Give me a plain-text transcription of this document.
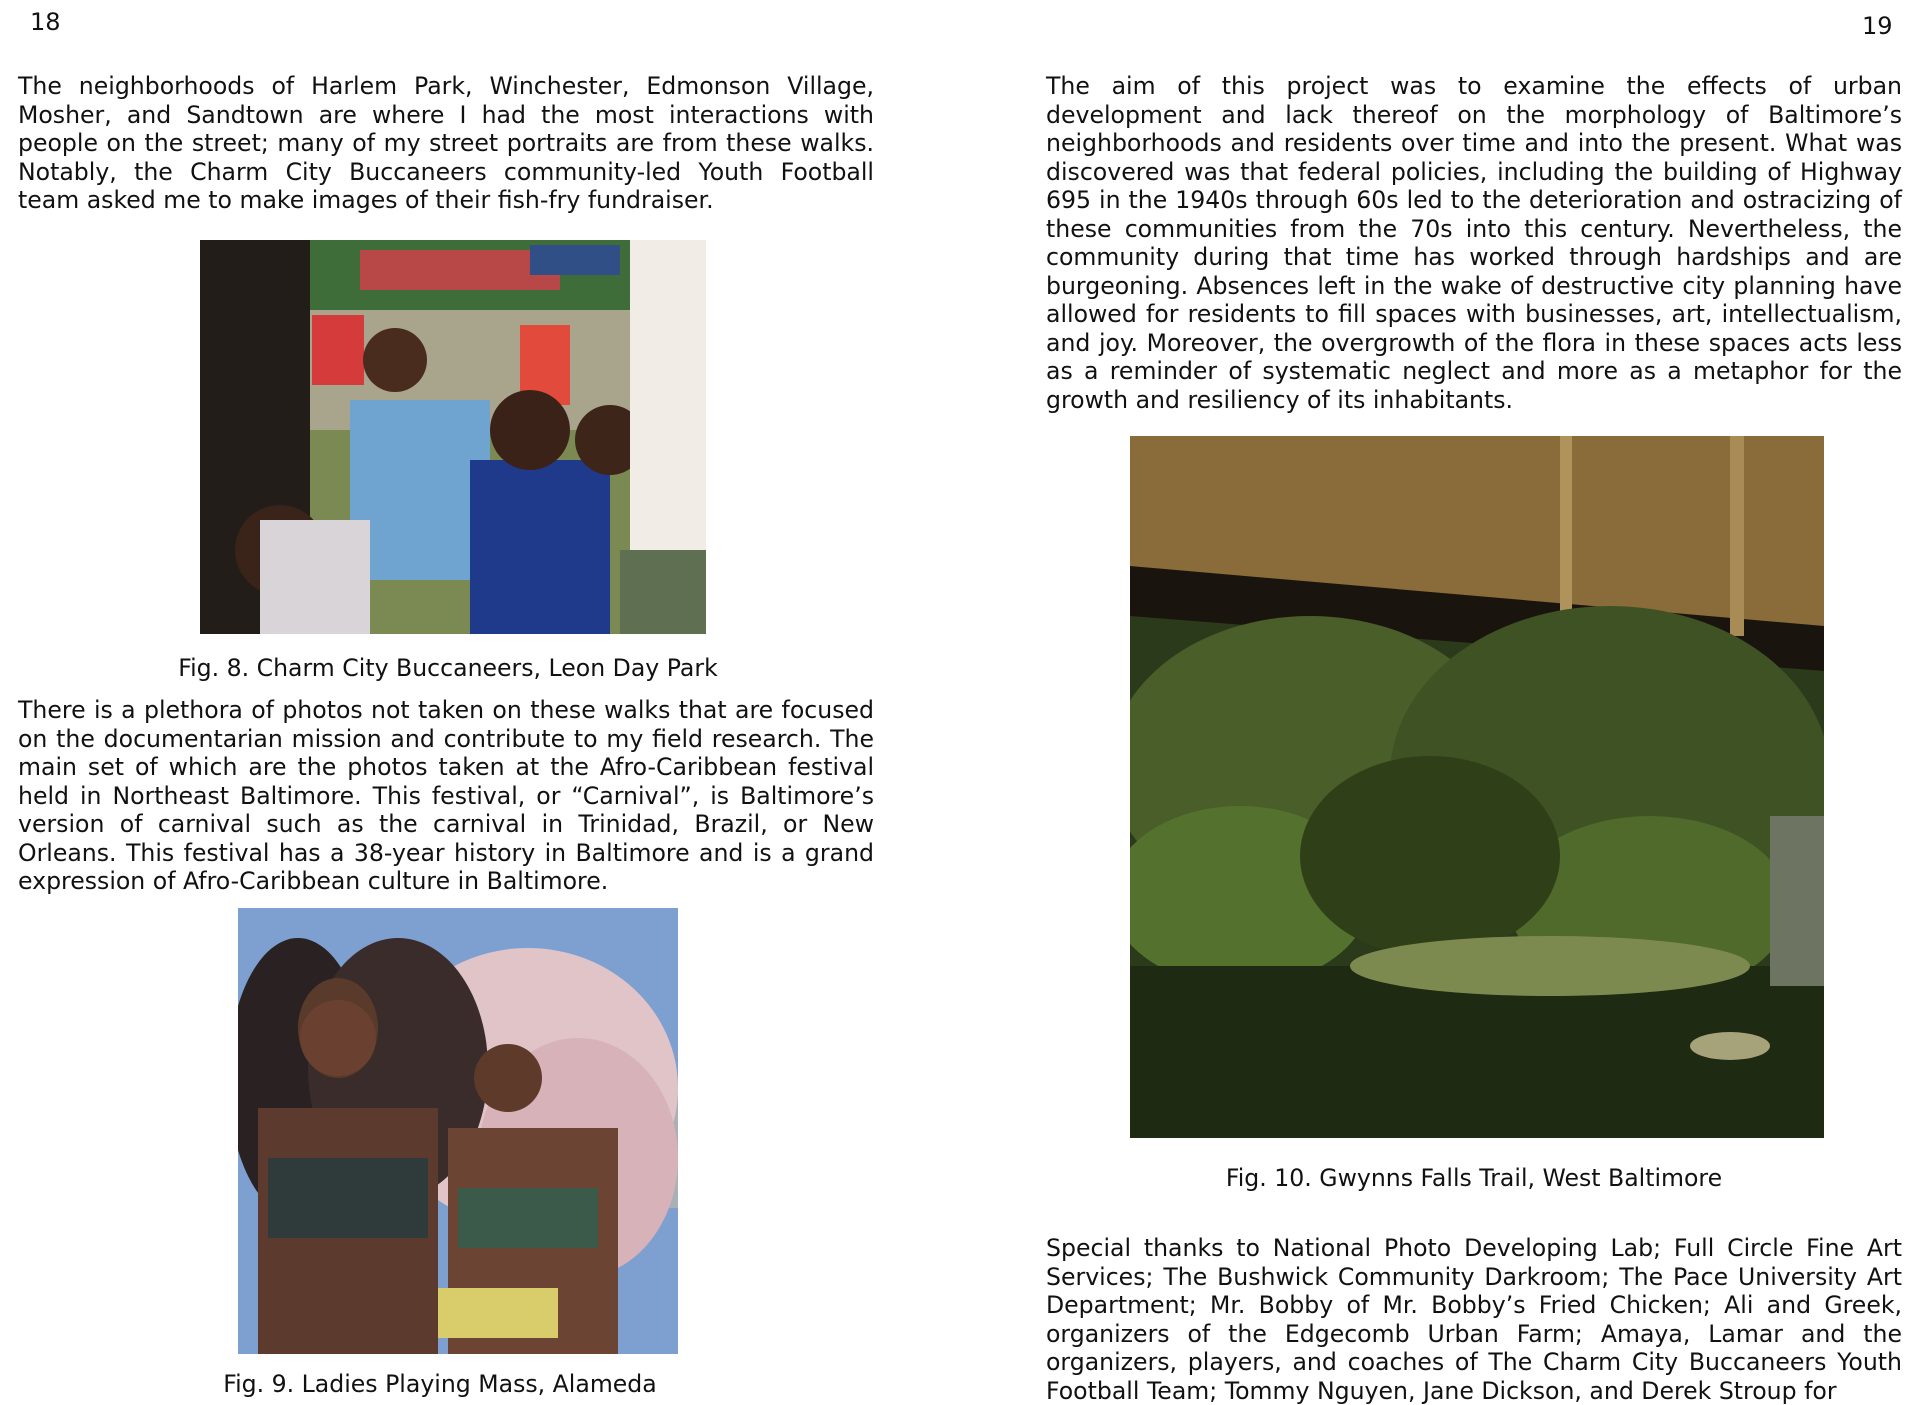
18

The neighborhoods of Harlem Park, Winchester, Edmonson Village, Mosher, and Sandtown are where I had the most interactions with people on the street; many of my street portraits are from these walks. Notably, the Charm City Buccaneers community-led Youth Football team asked me to make images of their fish-fry fundraiser.

Fig. 8. Charm City Buccaneers, Leon Day Park

There is a plethora of photos not taken on these walks that are focused on the documentarian mission and contribute to my field research. The main set of which are the photos taken at the Afro-Caribbean festival held in Northeast Baltimore. This festival, or “Carnival”, is Baltimore’s version of carnival such as the carnival in Trinidad, Brazil, or New Orleans. This festival has a 38-year history in Baltimore and is a grand expression of Afro-Caribbean culture in Baltimore.

Fig. 9. Ladies Playing Mass, Alameda
19

The aim of this project was to examine the effects of urban development and lack thereof on the morphology of Baltimore’s neighborhoods and residents over time and into the present. What was discovered was that federal policies, including the building of Highway 695 in the 1940s through 60s led to the deterioration and ostracizing of these communities from the 70s into this century. Nevertheless, the community during that time has worked through hardships and are burgeoning. Absences left in the wake of destructive city planning have allowed for residents to fill spaces with businesses, art, intellectualism, and joy. Moreover, the overgrowth of the flora in these spaces acts less as a reminder of systematic neglect and more as a metaphor for the growth and resiliency of its inhabitants.

Fig. 10. Gwynns Falls Trail, West Baltimore

Special thanks to National Photo Developing Lab; Full Circle Fine Art Services; The Bushwick Community Darkroom; The Pace University Art Department; Mr. Bobby of Mr. Bobby’s Fried Chicken; Ali and Greek, organizers of the Edgecomb Urban Farm; Amaya, Lamar and the organizers, players, and coaches of The Charm City Buccaneers Youth Football Team; Tommy Nguyen, Jane Dickson, and Derek Stroup for
